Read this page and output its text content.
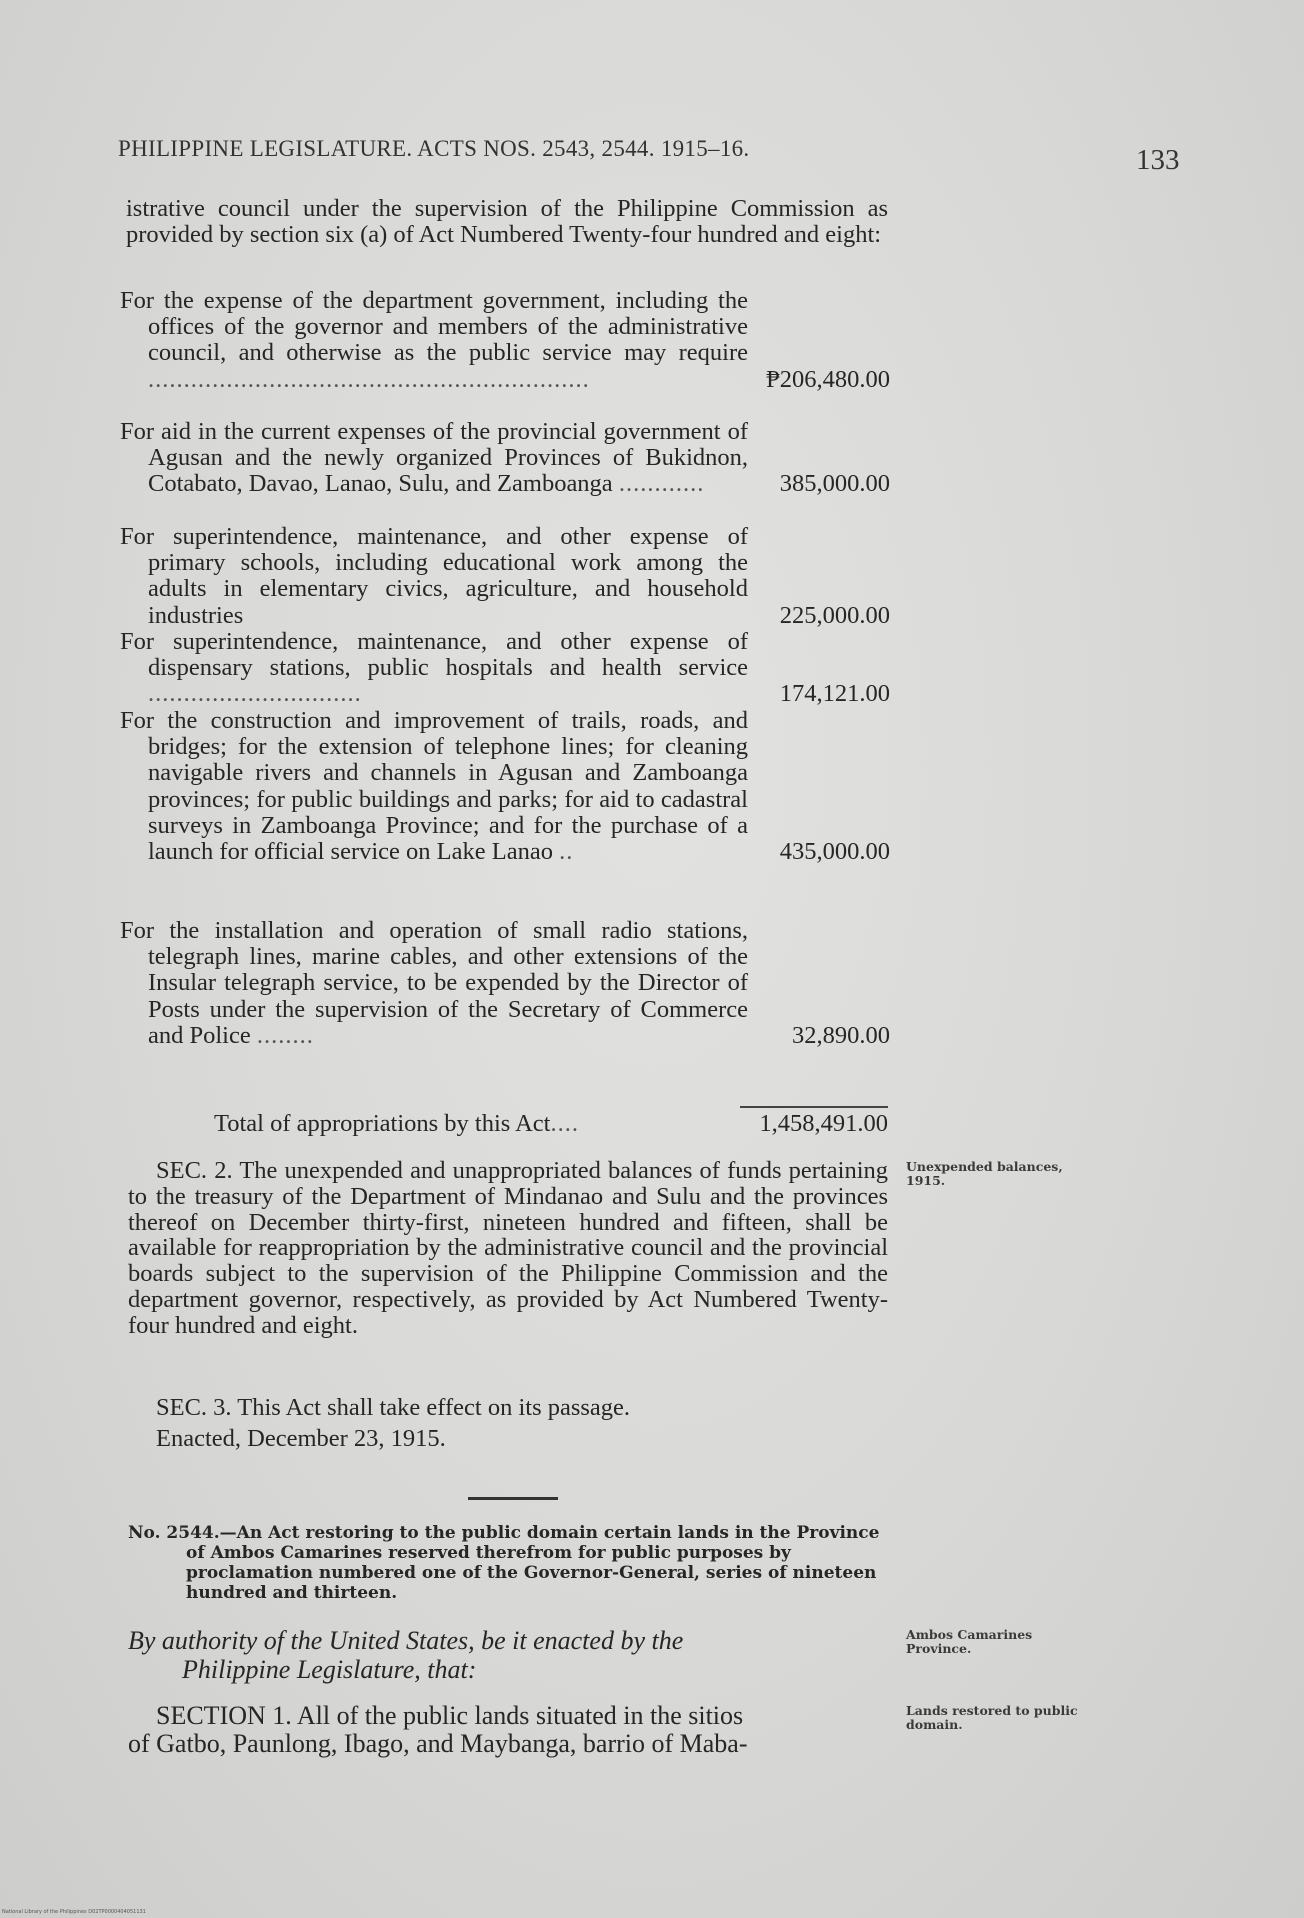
PHILIPPINE LEGISLATURE. ACTS NOS. 2543, 2544. 1915–16.	133
istrative council under the supervision of the Philippine Commission as provided by section six (a) of Act Numbered Twenty-four hundred and eight:
For the expense of the department government, including the offices of the governor and members of the administrative council, and otherwise as the public service may require ..............................................................	₱206,480.00
For aid in the current expenses of the provincial government of Agusan and the newly organized Provinces of Bukidnon, Cotabato, Davao, Lanao, Sulu, and Zamboanga ............	385,000.00
For superintendence, maintenance, and other expense of primary schools, including educational work among the adults in elementary civics, agriculture, and household industries	225,000.00
For superintendence, maintenance, and other expense of dispensary stations, public hospitals and health service ..............................	174,121.00
For the construction and improvement of trails, roads, and bridges; for the extension of telephone lines; for cleaning navigable rivers and channels in Agusan and Zamboanga provinces; for public buildings and parks; for aid to cadastral surveys in Zamboanga Province; and for the purchase of a launch for official service on Lake Lanao ..	435,000.00
For the installation and operation of small radio stations, telegraph lines, marine cables, and other extensions of the Insular telegraph service, to be expended by the Director of Posts under the supervision of the Secretary of Commerce and Police ........	32,890.00
Total of appropriations by this Act....	1,458,491.00
SEC. 2. The unexpended and unappropriated balances of funds pertaining to the treasury of the Department of Mindanao and Sulu and the provinces thereof on December thirty-first, nineteen hundred and fifteen, shall be available for reappropriation by the administrative council and the provincial boards subject to the supervision of the Philippine Commission and the department governor, respectively, as provided by Act Numbered Twenty-four hundred and eight.
Unexpended balances, 1915.
SEC. 3. This Act shall take effect on its passage.
Enacted, December 23, 1915.
No. 2544.—An Act restoring to the public domain certain lands in the Province of Ambos Camarines reserved therefrom for public purposes by proclamation numbered one of the Governor-General, series of nineteen hundred and thirteen.
By authority of the United States, be it enacted by the
Philippine Legislature, that:
Ambos Camarines Province.
SECTION 1. All of the public lands situated in the sitios
of Gatbo, Paunlong, Ibago, and Maybanga, barrio of Maba-
Lands restored to public domain.
National Library of the Philippines D02TP0000404051131
